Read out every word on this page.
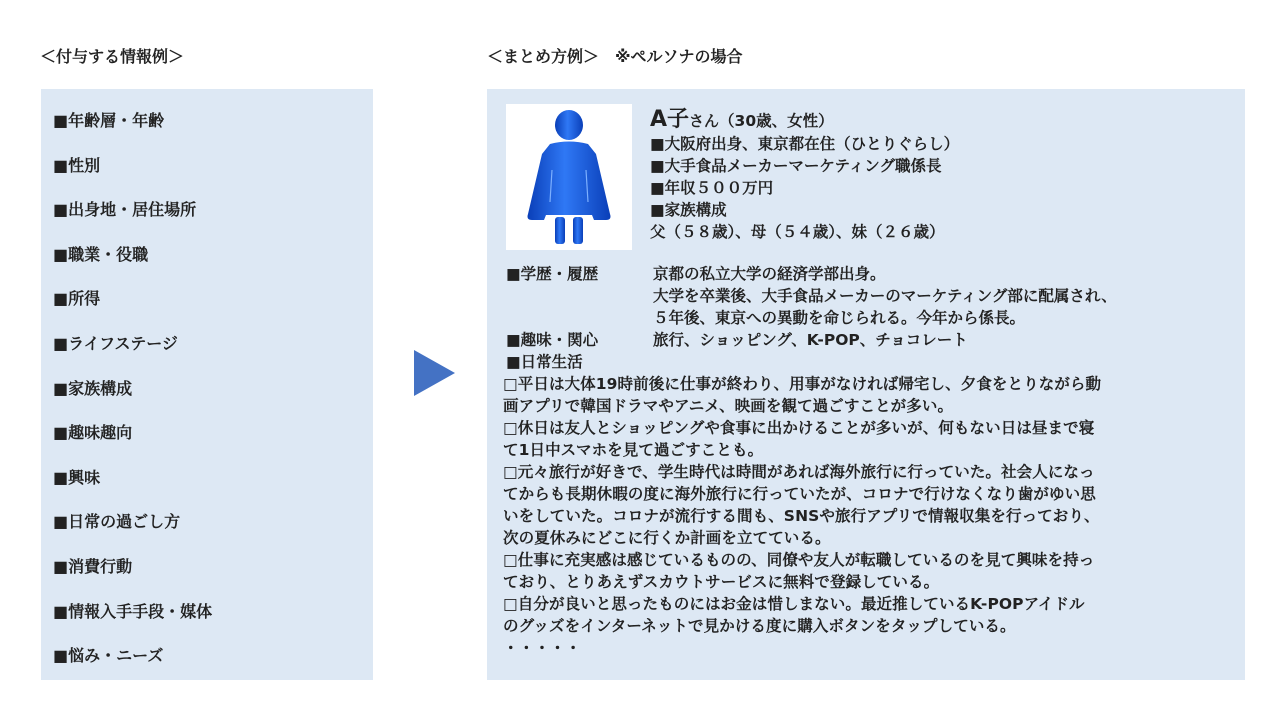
＜付与する情報例＞	＜まとめ方例＞　※ペルソナの場合
■年齢層・年齢
■性別
■出身地・居住場所
■職業・役職
■所得
■ライフステージ
■家族構成
■趣味趣向
■興味
■日常の過ごし方
■消費行動
■情報入手手段・媒体
■悩み・ニーズ
A子さん（30歳、女性）
■大阪府出身、東京都在住（ひとりぐらし）
■大手食品メーカーマーケティング職係長
■年収５００万円
■家族構成
父（５８歳）、母（５４歳）、妹（２６歳）
■学歴・履歴	京都の私立大学の経済学部出身。
大学を卒業後、大手食品メーカーのマーケティング部に配属され、
５年後、東京への異動を命じられる。今年から係長。
■趣味・関心	旅行、ショッピング、K-POP、チョコレート
■日常生活
□平日は大体19時前後に仕事が終わり、用事がなければ帰宅し、夕食をとりながら動
画アプリで韓国ドラマやアニメ、映画を観て過ごすことが多い。
□休日は友人とショッピングや食事に出かけることが多いが、何もない日は昼まで寝
て1日中スマホを見て過ごすことも。
□元々旅行が好きで、学生時代は時間があれば海外旅行に行っていた。社会人になっ
てからも長期休暇の度に海外旅行に行っていたが、コロナで行けなくなり歯がゆい思
いをしていた。コロナが流行する間も、SNSや旅行アプリで情報収集を行っており、
次の夏休みにどこに行くか計画を立てている。
□仕事に充実感は感じているものの、同僚や友人が転職しているのを見て興味を持っ
ており、とりあえずスカウトサービスに無料で登録している。
□自分が良いと思ったものにはお金は惜しまない。最近推しているK-POPアイドル
のグッズをインターネットで見かける度に購入ボタンをタップしている。
・・・・・
